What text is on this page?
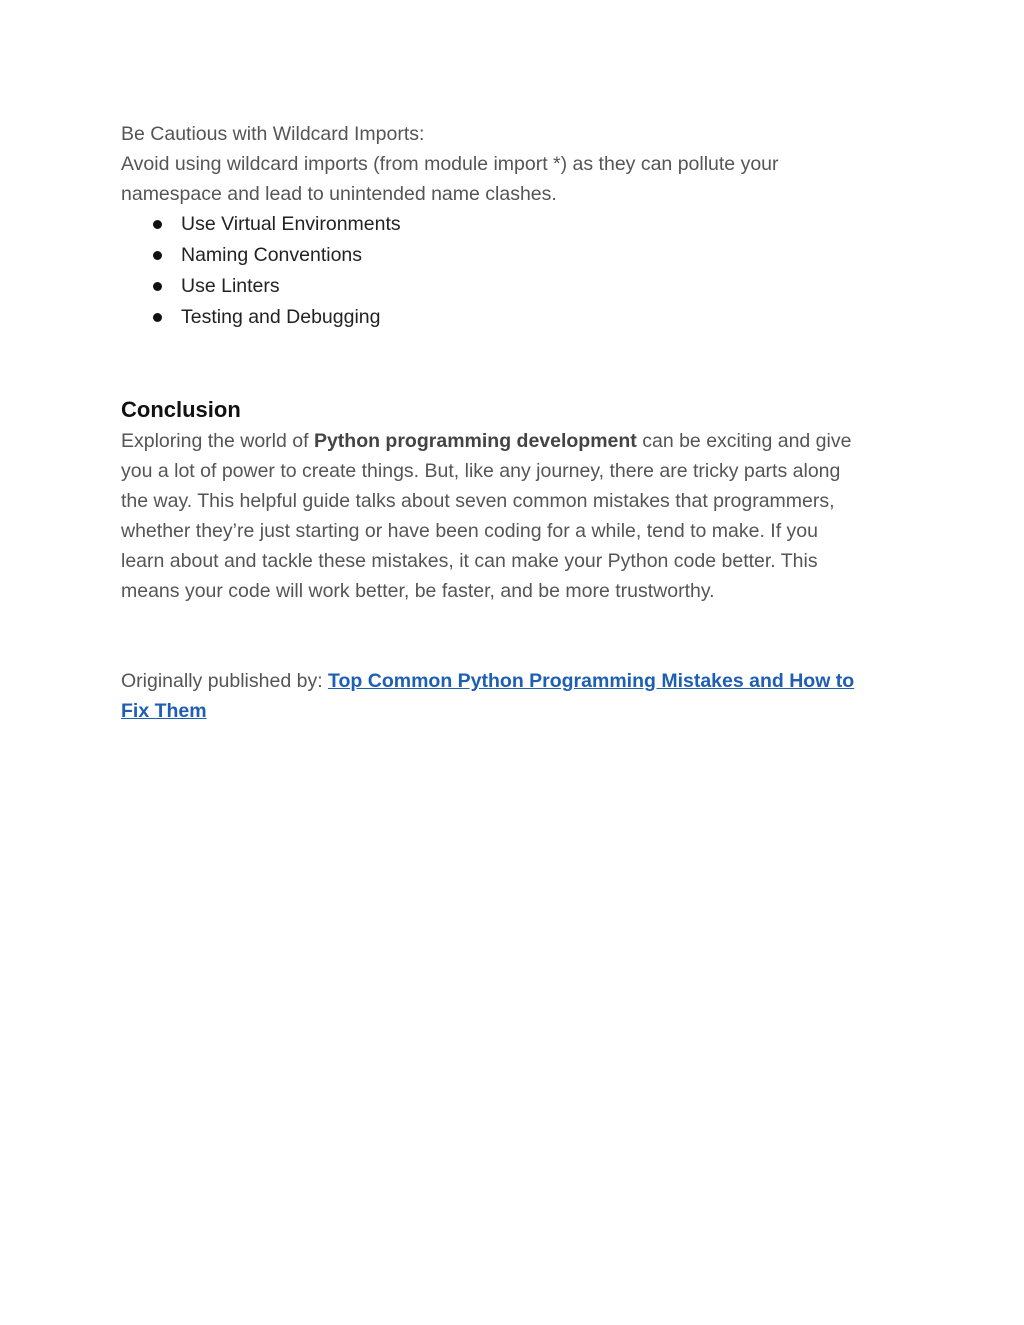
Be Cautious with Wildcard Imports:
Avoid using wildcard imports (from module import *) as they can pollute your
namespace and lead to unintended name clashes.
Use Virtual Environments
Naming Conventions
Use Linters
Testing and Debugging
Conclusion
Exploring the world of Python programming development can be exciting and give
you a lot of power to create things. But, like any journey, there are tricky parts along
the way. This helpful guide talks about seven common mistakes that programmers,
whether they’re just starting or have been coding for a while, tend to make. If you
learn about and tackle these mistakes, it can make your Python code better. This
means your code will work better, be faster, and be more trustworthy.
Originally published by: Top Common Python Programming Mistakes and How to
Fix Them
